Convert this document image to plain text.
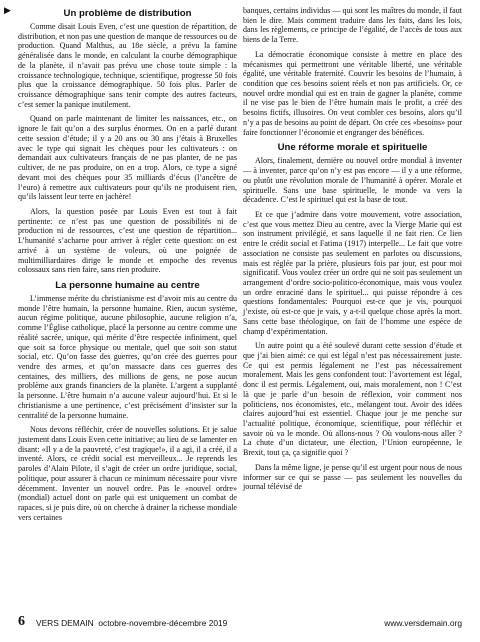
▶	Un problème de distribution

Comme disait Louis Even, c’est une question de répartition, de distribution, et non pas une question de manque de ressources ou de production. Quand Malthus, au 18e siècle, a prévu la famine généralisée dans le monde, en calculant la courbe démographique de la planète, il n’avait pas prévu une chose toute simple : la croissance technologique, technique, scientifique, progresse 50 fois plus que la croissance démographique. 50 fois plus. Parler de croissance démographique sans tenir compte des autres facteurs, c’est semer la panique inutilement.

Quand on parle maintenant de limiter les naissances, etc., on ignore le fait qu’on a des surplus énormes. On en a parlé durant cette session d’étude; il y a 20 ans ou 30 ans j’étais à Bruxelles avec le type qui signait les chèques pour les cultivateurs : on demandait aux cultivateurs français de ne pas planter, de ne pas cultiver, de ne pas produire, on en a trop. Alors, ce type a signé devant moi des chèques pour 35 milliards d’écus (l’ancêtre de l’euro) à remettre aux cultivateurs pour qu’ils ne produisent rien, qu’ils laissent leur terre en jachère!

Alors, la question posée par Louis Even est tout à fait pertinente: ce n’est pas une question de possibilités ni de production ni de ressources, c’est une question de répartition... L’humanité s’acharne pour arriver à régler cette question: on est arrivé à un système de voleurs, où une poignée de multimilliardaires dirige le monde et empoche des revenus colossaux sans rien faire, sans rien produire.

La personne humaine au centre

L’immense mérite du christianisme est d’avoir mis au centre du monde l’être humain, la personne humaine. Rien, aucun système, aucun régime politique, aucune philosophie, aucune religion n’a, comme l’Église catholique, placé la personne au centre comme une réalité sacrée, unique, qui mérite d’être respectée infiniment, quel que soit sa force physique ou mentale, quel que soit son statut social, etc. Qu’on fasse des guerres, qu’on crée des guerres pour vendre des armes, et qu’on massacre dans ces guerres des centaines, des milliers, des millions de gens, ne pose aucun problème aux grands financiers de la planète. L’argent a supplanté la personne. L’être humain n’a aucune valeur aujourd’hui. Et si le christianisme a une pertinence, c’est précisément d’insister sur la centralité de la personne humaine.

Nous devons réfléchir, créer de nouvelles solutions. Et je salue justement dans Louis Even cette initiative; au lieu de se lamenter en disant: «Il y a de la pauvreté, c’est tragique!», il a agi, il a créé, il a inventé. Alors, ce crédit social est merveilleux... Je reprends les paroles d’Alain Pilote, il s’agit de créer un ordre juridique, social, politique, pour assurer à chacun ce minimum nécessaire pour vivre décemment. Inventer un nouvel ordre. Pas le «nouvel ordre» (mondial) actuel dont on parle qui est uniquement un combat de rapaces, si je puis dire, où on cherche à drainer la richesse mondiale vers certaines

banques, certains individus — qui sont les maîtres du monde, il faut bien le dire. Mais comment traduire dans les faits, dans les lois, dans les règlements, ce principe de l’égalité, de l’accès de tous aux biens de la Terre.

La démocratie économique consiste à mettre en place des mécanismes qui permettront une véritable liberté, une véritable égalité, une véritable fraternité. Couvrir les besoins de l’humain, à condition que ces besoins soient réels et non pas artificiels. Or, ce nouvel ordre mondial qui est en train de gagner la planète, comme il ne vise pas le bien de l’être humain mais le profit, a créé des besoins fictifs, illusoires. On veut combler ces besoins, alors qu’il n’y a pas de besoins au point de départ. On crée ces «besoins» pour faire fonctionner l’économie et engranger des bénéfices.

Une réforme morale et spirituelle

Alors, finalement, dernière ou nouvel ordre mondial à inventer — à inventer, parce qu’on n’y est pas encore — il y a une réforme, ou plutôt une révolution morale de l’humanité à opérer. Morale et spirituelle. Sans une base spirituelle, le monde va vers la décadence. C’est le spirituel qui est la base de tout.

Et ce que j’admire dans votre mouvement, votre association, c’est que vous mettez Dieu au centre, avec la Vierge Marie qui est son instrument privilégié, et sans laquelle il ne fait rien. Ce lien entre le crédit social et Fatima (1917) interpelle... Le fait que votre association ne consiste pas seulement en parlotes ou discussions, mais est réglée par la prière, plusieurs fois par jour, est pour moi significatif. Vous voulez créer un ordre qui ne soit pas seulement un arrangement d’ordre socio-politico-économique, mais vous voulez un ordre enraciné dans le spirituel... qui puisse répondre à ces questions fondamentales: Pourquoi est-ce que je vis, pourquoi j’existe, où est-ce que je vais, y a-t-il quelque chose après la mort. Sans cette base théologique, on fait de l’homme une espèce de champ d’expérimentation.

Un autre point qu a été soulevé durant cette session d’étude et que j’ai bien aimé: ce qui est légal n’est pas nécessairement juste. Ce qui est permis légalement ne l’est pas nécessairement moralement. Mais les gens confondent tout: l’avortement est légal, donc il est permis. Légalement, oui, mais moralement, non ! C’est là que je parle d’un besoin de réflexion, voir comment nos politiciens, nos économistes, etc., mélangent tout. Avoir des idées claires aujourd’hui est essentiel. Chaque jour je me penche sur l’actualité politique, économique, scientifique, pour réfléchir et savoir où va le monde. Où allons-nous ? Où voulons-nous aller ? La chute d’un dictateur, une élection, l’Union européenne, le Brexit, tout ça, ça signifie quoi ?

Dans la même ligne, je pense qu’il est urgent pour nous de nous informer sur ce qui se passe — pas seulement les nouvelles du journal télévisé de

6 VERS DEMAIN octobre-novembre-décembre 2019	www.versdemain.org
